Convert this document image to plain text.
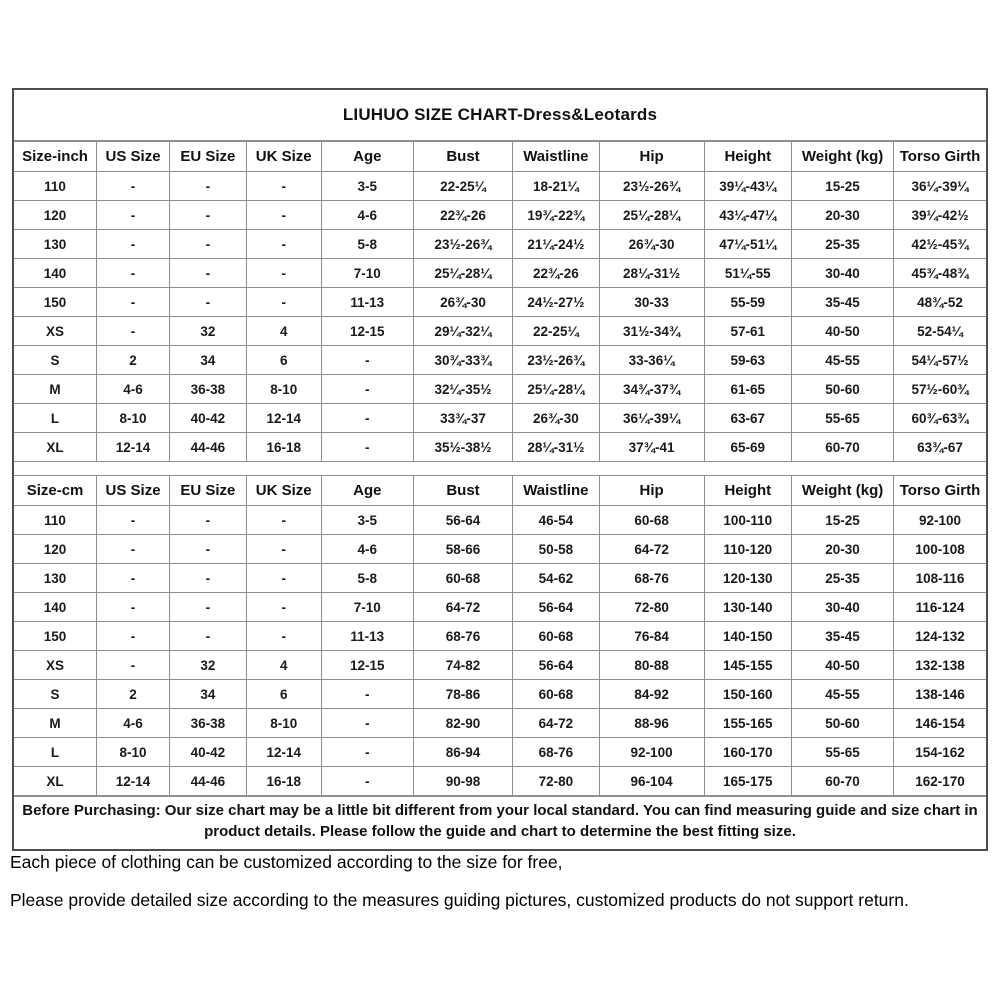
LIUHUO SIZE CHART-Dress&Leotards
Size-inch	US Size	EU Size	UK Size	Age	Bust	Waistline	Hip	Height	Weight (kg)	Torso Girth
110	-	-	-	3-5	22-25¼	18-21¼	23½-26¾	39¼-43¼	15-25	36¼-39¼
120	-	-	-	4-6	22¾-26	19¾-22¾	25¼-28¼	43¼-47¼	20-30	39¼-42½
130	-	-	-	5-8	23½-26¾	21¼-24½	26¾-30	47¼-51¼	25-35	42½-45¾
140	-	-	-	7-10	25¼-28¼	22¾-26	28¼-31½	51¼-55	30-40	45¾-48¾
150	-	-	-	11-13	26¾-30	24½-27½	30-33	55-59	35-45	48¾-52
XS	-	32	4	12-15	29¼-32¼	22-25¼	31½-34¾	57-61	40-50	52-54¼
S	2	34	6	-	30¾-33¾	23½-26¾	33-36¼	59-63	45-55	54¼-57½
M	4-6	36-38	8-10	-	32¼-35½	25¼-28¼	34¾-37¾	61-65	50-60	57½-60¾
L	8-10	40-42	12-14	-	33¾-37	26¾-30	36¼-39¼	63-67	55-65	60¾-63¾
XL	12-14	44-46	16-18	-	35½-38½	28¼-31½	37¾-41	65-69	60-70	63¾-67
Size-cm	US Size	EU Size	UK Size	Age	Bust	Waistline	Hip	Height	Weight (kg)	Torso Girth
110	-	-	-	3-5	56-64	46-54	60-68	100-110	15-25	92-100
120	-	-	-	4-6	58-66	50-58	64-72	110-120	20-30	100-108
130	-	-	-	5-8	60-68	54-62	68-76	120-130	25-35	108-116
140	-	-	-	7-10	64-72	56-64	72-80	130-140	30-40	116-124
150	-	-	-	11-13	68-76	60-68	76-84	140-150	35-45	124-132
XS	-	32	4	12-15	74-82	56-64	80-88	145-155	40-50	132-138
S	2	34	6	-	78-86	60-68	84-92	150-160	45-55	138-146
M	4-6	36-38	8-10	-	82-90	64-72	88-96	155-165	50-60	146-154
L	8-10	40-42	12-14	-	86-94	68-76	92-100	160-170	55-65	154-162
XL	12-14	44-46	16-18	-	90-98	72-80	96-104	165-175	60-70	162-170
Before Purchasing: Our size chart may be a little bit different from your local standard. You can find measuring guide and size chart in product details. Please follow the guide and chart to determine the best fitting size.

Each piece of clothing can be customized according to the size for free,

Please provide detailed size according to the measures guiding pictures, customized products do not support return.
